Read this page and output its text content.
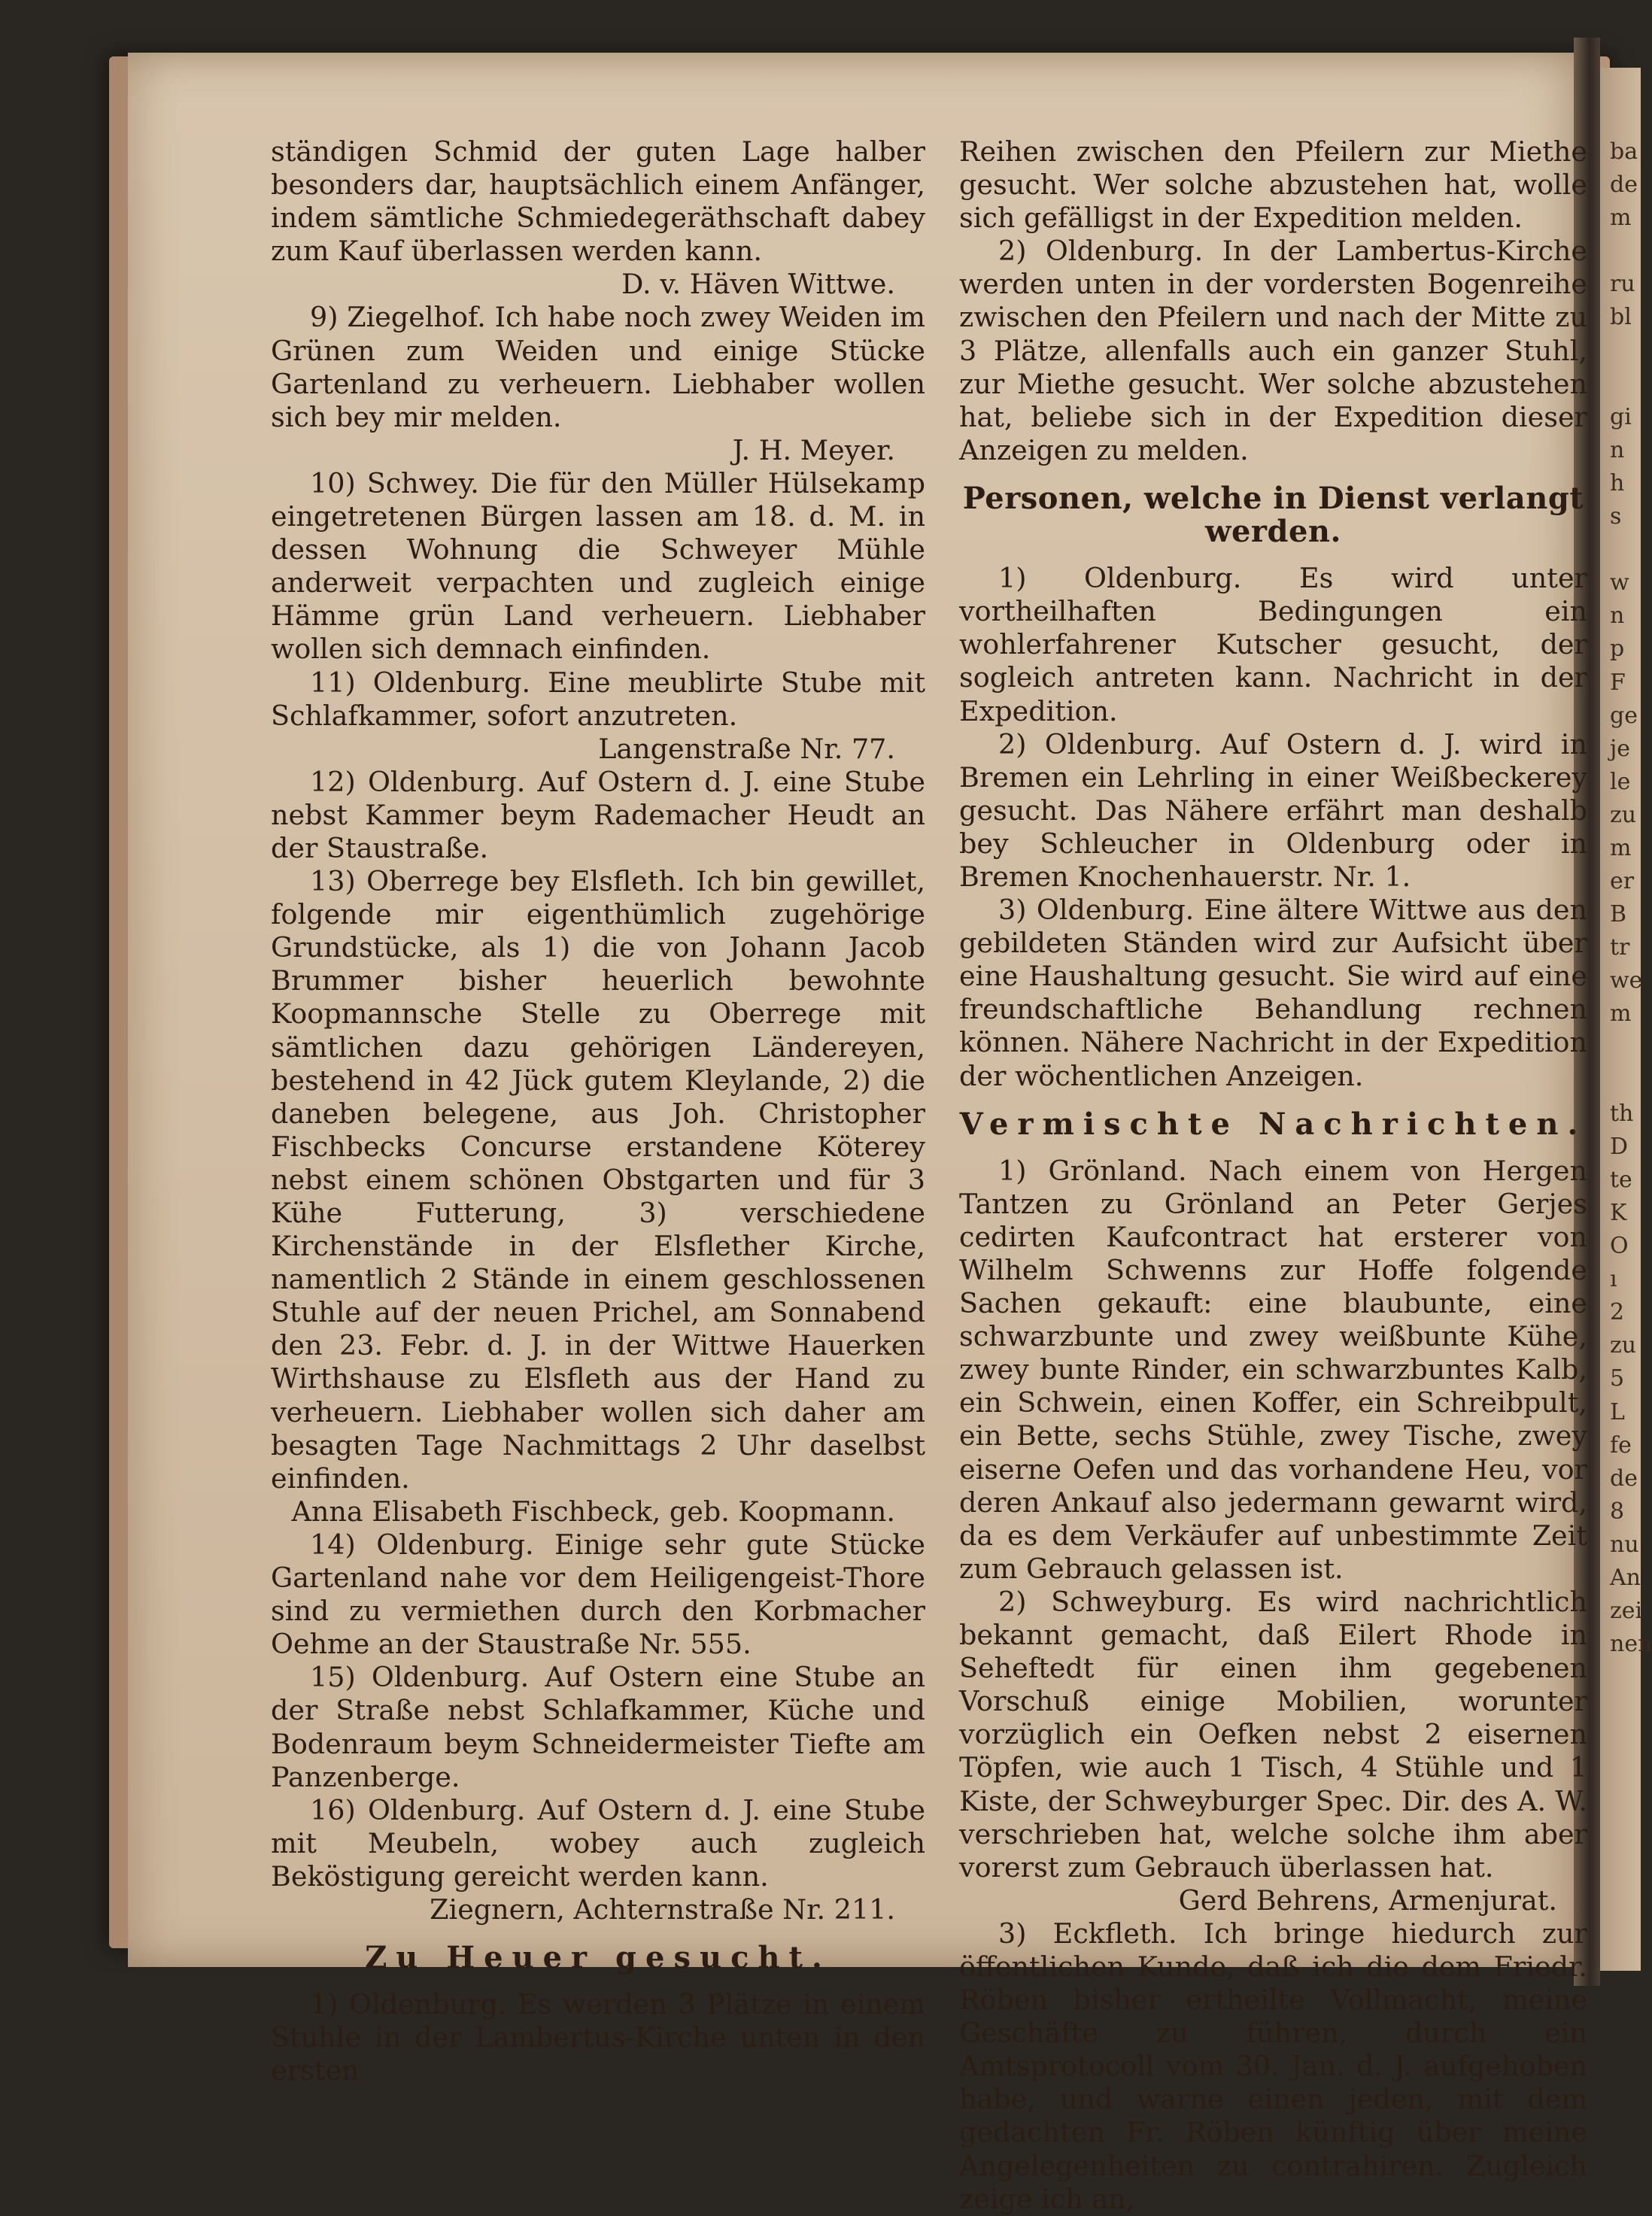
ständigen Schmid der guten Lage halber besonders dar, hauptsächlich einem Anfänger, indem sämtliche Schmiedegeräthschaft dabey zum Kauf überlassen werden kann.

D. v. Häven Wittwe.

9) Ziegelhof. Ich habe noch zwey Weiden im Grünen zum Weiden und einige Stücke Gartenland zu verheuern. Liebhaber wollen sich bey mir melden.

J. H. Meyer.

10) Schwey. Die für den Müller Hülsekamp eingetretenen Bürgen lassen am 18. d. M. in dessen Wohnung die Schweyer Mühle anderweit verpachten und zugleich einige Hämme grün Land verheuern. Liebhaber wollen sich demnach einfinden.

11) Oldenburg. Eine meublirte Stube mit Schlafkammer, sofort anzutreten.

Langenstraße Nr. 77.

12) Oldenburg. Auf Ostern d. J. eine Stube nebst Kammer beym Rademacher Heudt an der Staustraße.

13) Oberrege bey Elsfleth. Ich bin gewillet, folgende mir eigenthümlich zugehörige Grundstücke, als 1) die von Johann Jacob Brummer bisher heuerlich bewohnte Koopmannsche Stelle zu Oberrege mit sämtlichen dazu gehörigen Ländereyen, bestehend in 42 Jück gutem Kleylande, 2) die daneben belegene, aus Joh. Christopher Fischbecks Concurse erstandene Köterey nebst einem schönen Obstgarten und für 3 Kühe Futterung, 3) verschiedene Kirchenstände in der Elsflether Kirche, namentlich 2 Stände in einem geschlossenen Stuhle auf der neuen Prichel, am Sonnabend den 23. Febr. d. J. in der Wittwe Hauerken Wirthshause zu Elsfleth aus der Hand zu verheuern. Liebhaber wollen sich daher am besagten Tage Nachmittags 2 Uhr daselbst einfinden.

Anna Elisabeth Fischbeck, geb. Koopmann.

14) Oldenburg. Einige sehr gute Stücke Gartenland nahe vor dem Heiligengeist-Thore sind zu vermiethen durch den Korbmacher Oehme an der Staustraße Nr. 555.

15) Oldenburg. Auf Ostern eine Stube an der Straße nebst Schlafkammer, Küche und Bodenraum beym Schneidermeister Tiefte am Panzenberge.

16) Oldenburg. Auf Ostern d. J. eine Stube mit Meubeln, wobey auch zugleich Beköstigung gereicht werden kann.

Ziegnern, Achternstraße Nr. 211.

Zu Heuer gesucht.

1) Oldenburg. Es werden 3 Plätze in einem Stuhle in der Lambertus-Kirche unten in den ersten

Reihen zwischen den Pfeilern zur Miethe gesucht. Wer solche abzustehen hat, wolle sich gefälligst in der Expedition melden.

2) Oldenburg. In der Lambertus-Kirche werden unten in der vordersten Bogenreihe zwischen den Pfeilern und nach der Mitte zu 3 Plätze, allenfalls auch ein ganzer Stuhl, zur Miethe gesucht. Wer solche abzustehen hat, beliebe sich in der Expedition dieser Anzeigen zu melden.

Personen, welche in Dienst verlangt werden.

1) Oldenburg. Es wird unter vortheilhaften Bedingungen ein wohlerfahrener Kutscher gesucht, der sogleich antreten kann. Nachricht in der Expedition.

2) Oldenburg. Auf Ostern d. J. wird in Bremen ein Lehrling in einer Weißbeckerey gesucht. Das Nähere erfährt man deshalb bey Schleucher in Oldenburg oder in Bremen Knochenhauerstr. Nr. 1.

3) Oldenburg. Eine ältere Wittwe aus den gebildeten Ständen wird zur Aufsicht über eine Haushaltung gesucht. Sie wird auf eine freundschaftliche Behandlung rechnen können. Nähere Nachricht in der Expedition der wöchentlichen Anzeigen.

Vermischte Nachrichten.

1) Grönland. Nach einem von Hergen Tantzen zu Grönland an Peter Gerjes cedirten Kaufcontract hat ersterer von Wilhelm Schwenns zur Hoffe folgende Sachen gekauft: eine blaubunte, eine schwarzbunte und zwey weißbunte Kühe, zwey bunte Rinder, ein schwarzbuntes Kalb, ein Schwein, einen Koffer, ein Schreibpult, ein Bette, sechs Stühle, zwey Tische, zwey eiserne Oefen und das vorhandene Heu, vor deren Ankauf also jedermann gewarnt wird, da es dem Verkäufer auf unbestimmte Zeit zum Gebrauch gelassen ist.

2) Schweyburg. Es wird nachrichtlich bekannt gemacht, daß Eilert Rhode in Seheftedt für einen ihm gegebenen Vorschuß einige Mobilien, worunter vorzüglich ein Oefken nebst 2 eisernen Töpfen, wie auch 1 Tisch, 4 Stühle und 1 Kiste, der Schweyburger Spec. Dir. des A. W. verschrieben hat, welche solche ihm aber vorerst zum Gebrauch überlassen hat.

Gerd Behrens, Armenjurat.

3) Eckfleth. Ich bringe hiedurch zur öffentlichen Kunde, daß ich die dem Friedr. Röben bisher ertheilte Vollmacht, meine Geschäfte zu führen, durch ein Amtsprotocoll vom 30. Jan. d. J. aufgehoben habe, und warne einen jeden, mit dem gedachten Fr. Röben künftig über meine Angelegenheiten zu contrahiren. Zugleich zeige ich an,

ba
de
m
ru
bl
gi
n
h
s
w
n
p
F
ge
je
le
zu
m
er
B
tr
we
m
th
D
te
K
O
ı
2
zu
5
L
fe
de
8
nu
An
zei
nen
